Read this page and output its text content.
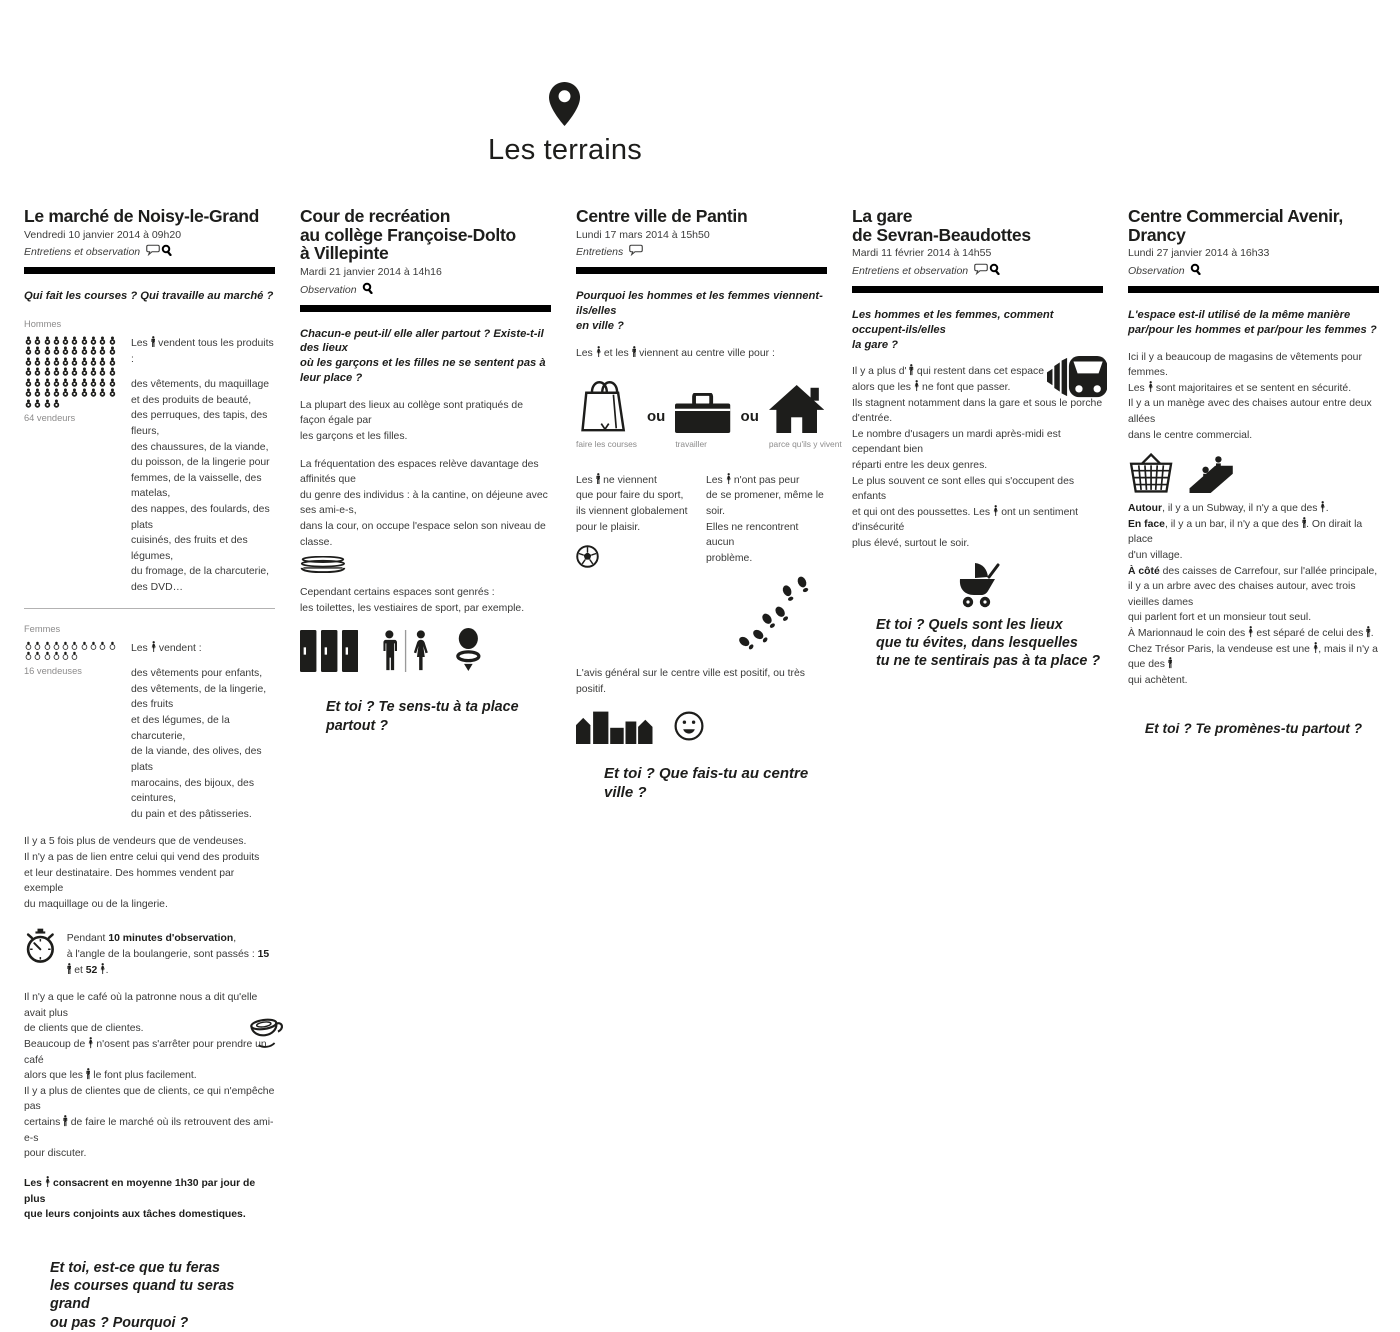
Les terrains
Le marché de Noisy-le-Grand
Vendredi 10 janvier 2014 à 09h20
Entretiens et observation
Qui fait les courses ? Qui travaille au marché ?
Hommes
64 vendeurs
Les
vendent tous les produits :
des vêtements, du maquillage
et des produits de beauté,
des perruques, des tapis, des fleurs,
des chaussures, de la viande,
du poisson, de la lingerie pour
femmes, de la vaisselle, des matelas,
des nappes, des foulards, des plats
cuisinés, des fruits et des légumes,
du fromage, de la charcuterie,
des DVD…
Femmes
16 vendeuses
Les
vendent :
des vêtements pour enfants,
des vêtements, de la lingerie, des fruits
et des légumes, de la charcuterie,
de la viande, des olives, des plats
marocains, des bijoux, des ceintures,
du pain et des pâtisseries.
Il y a 5 fois plus de vendeurs que de vendeuses.
Il n'y a pas de lien entre celui qui vend des produits
et leur destinataire. Des hommes vendent par exemple
du maquillage ou de la lingerie.
Pendant 10 minutes d'observation,
à l'angle de la boulangerie, sont passés : 15
et 52 .
Il n'y a que le café où la patronne nous a dit qu'elle avait plus
de clients que de clientes.
Beaucoup de
n'osent pas s'arrêter pour prendre un café
alors que les
le font plus facilement.
Il y a plus de clientes que de clients, ce qui n'empêche pas
certains
de faire le marché où ils retrouvent des ami-e-s
pour discuter.
Les
consacrent en moyenne 1h30 par jour de plus
que leurs conjoints aux tâches domestiques.
Et toi, est-ce que tu feras
les courses quand tu seras grand
ou pas ? Pourquoi ?
Cour de recréation
au collège Françoise-Dolto
à Villepinte
Mardi 21 janvier 2014 à 14h16
Observation
Chacun-e peut-il/ elle aller partout ? Existe-t-il des lieux
où les garçons et les filles ne se sentent pas à leur place ?
La plupart des lieux au collège sont pratiqués de façon égale par
les garçons et les filles.
La fréquentation des espaces relève davantage des affinités que
du genre des individus : à la cantine, on déjeune avec ses ami-e-s,
dans la cour, on occupe l'espace selon son niveau de classe.
Cependant certains espaces sont genrés :
les toilettes, les vestiaires de sport, par exemple.
Et toi ? Te sens-tu à ta place
partout ?
Centre ville de Pantin
Lundi 17 mars 2014 à 15h50
Entretiens
Pourquoi les hommes et les femmes viennent-ils/elles
en ville ?
Les
et les
viennent au centre ville pour :
faire les courses
ou
travailler
ou
parce qu'ils y vivent
Les
ne viennent
que pour faire du sport,
ils viennent globalement
pour le plaisir.
Les
n'ont pas peur
de se promener, même le soir.
Elles ne rencontrent aucun
problème.
L'avis général sur le centre ville est positif, ou très positif.
Et toi ? Que fais-tu au centre ville ?
La gare
de Sevran-Beaudottes
Mardi 11 février 2014 à 14h55
Entretiens et observation
Les hommes et les femmes, comment occupent-ils/elles
la gare ?
Il y a plus d'
qui restent dans cet espace
alors que les
ne font que passer.
Ils stagnent notamment dans la gare et sous le porche d'entrée.
Le nombre d'usagers un mardi après-midi est cependant bien
réparti entre les deux genres.
Le plus souvent ce sont elles qui s'occupent des enfants
et qui ont des poussettes. Les
ont un sentiment d'insécurité
plus élevé, surtout le soir.
Et toi ? Quels sont les lieux
que tu évites, dans lesquelles
tu ne te sentirais pas à ta place ?
Centre Commercial Avenir,
Drancy
Lundi 27 janvier 2014 à 16h33
Observation
L'espace est-il utilisé de la même manière
par/pour les hommes et par/pour les femmes ?
Ici il y a beaucoup de magasins de vêtements pour femmes.
Les
sont majoritaires et se sentent en sécurité.
Il y a un manège avec des chaises autour entre deux allées
dans le centre commercial.
Autour, il y a un Subway, il n'y a que des
.
En face, il y a un bar, il n'y a que des
. On dirait la place
d'un village.
À côté des caisses de Carrefour, sur l'allée principale,
il y a un arbre avec des chaises autour, avec trois vieilles dames
qui parlent fort et un monsieur tout seul.
À Marionnaud le coin des
est séparé de celui des
.
Chez Trésor Paris, la vendeuse est une
, mais il n'y a que des

qui achètent.
Et toi ? Te promènes-tu partout ?
